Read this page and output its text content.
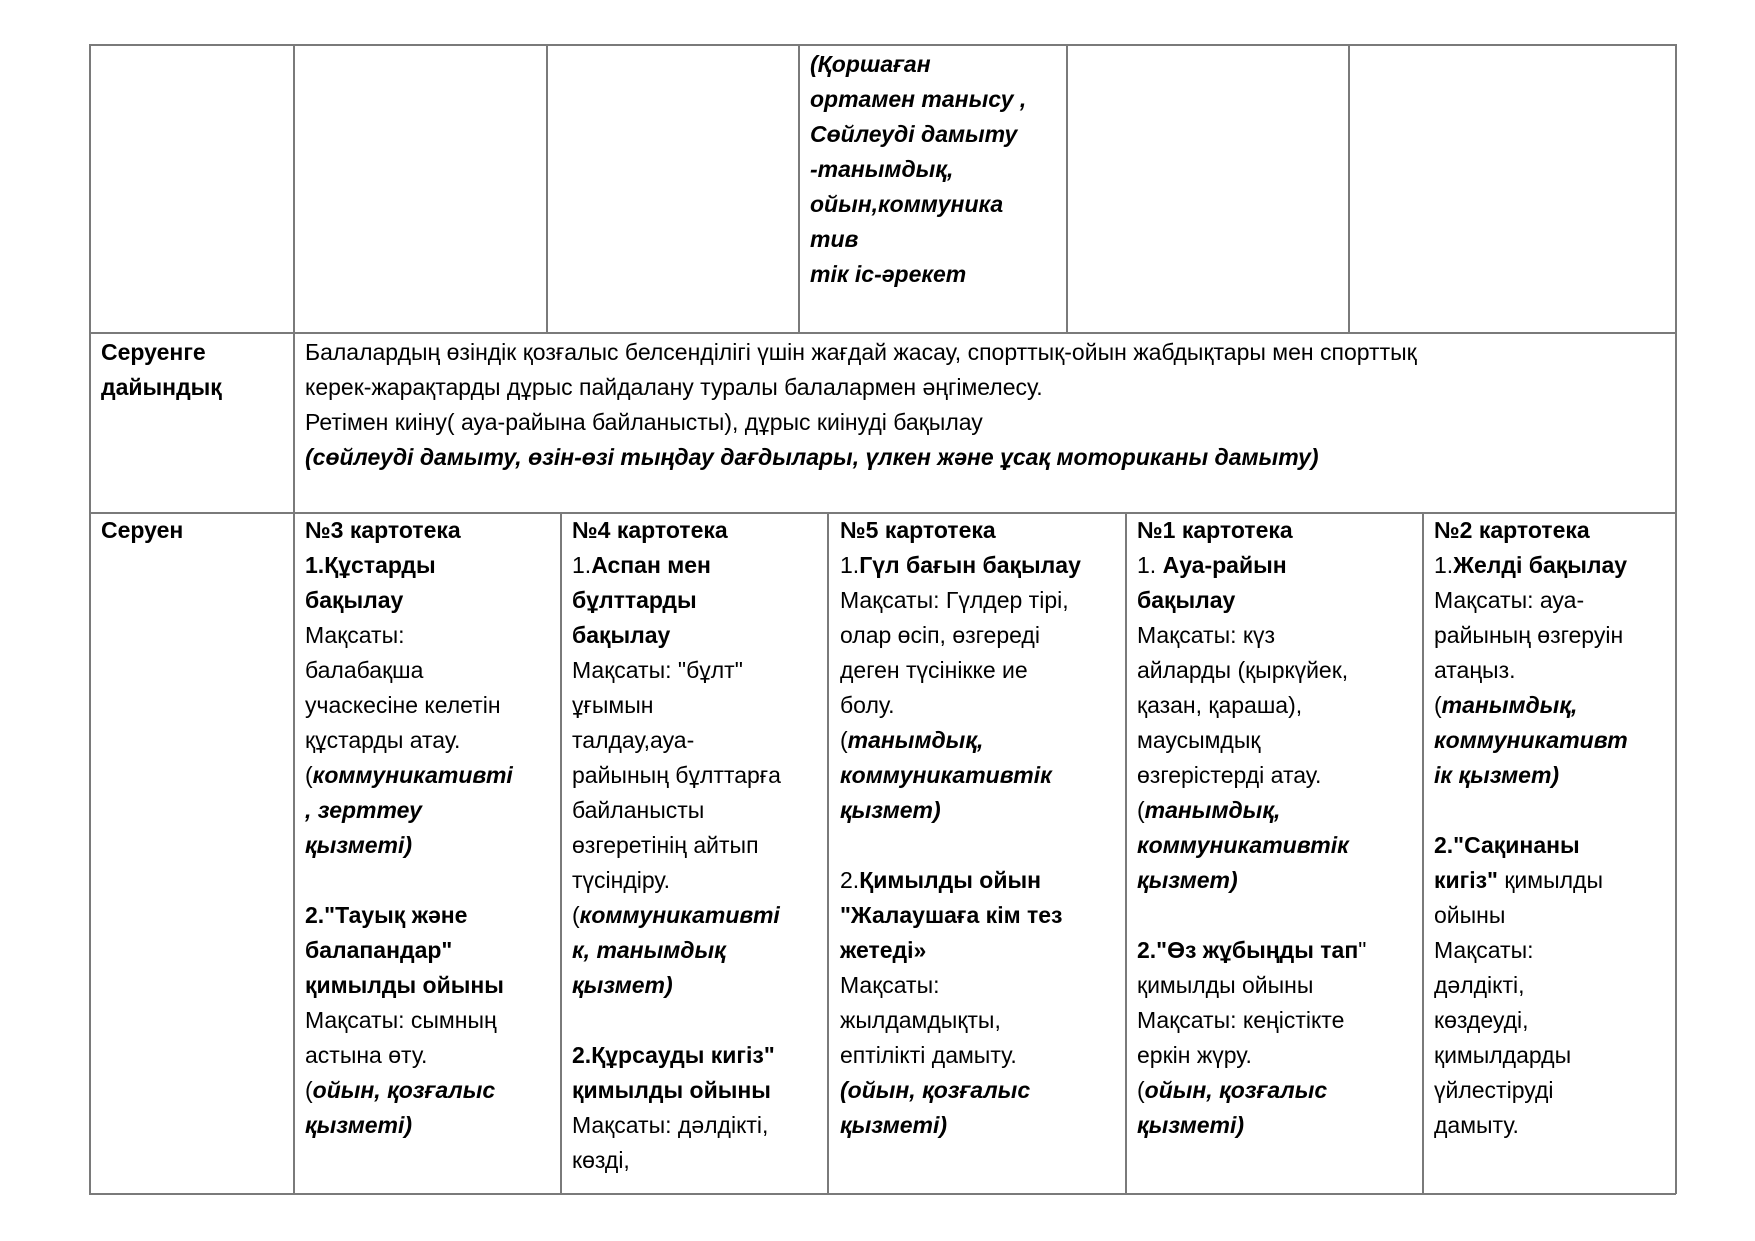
(Қоршаған
ортамен танысу ,
Сөйлеуді дамыту
-танымдық,
ойын,коммуника
тив
тік іс-әрекет
Серуенге
дайындық
Балалардың өзіндік қозғалыс белсенділігі үшін жағдай жасау, спорттық-ойын жабдықтары мен спорттық
керек-жарақтарды дұрыс пайдалану туралы балалармен әңгімелесу.
Ретімен киіну( ауа-райына байланысты), дұрыс киінуді бақылау
(сөйлеуді дамыту, өзін-өзі тыңдау дағдылары, үлкен және ұсақ моториканы дамыту)
Серуен	№3 картотека
1.Құстарды
бақылау
Мақсаты:
балабақша
учаскесіне келетін
құстарды атау.
(коммуникативті
, зерттеу
қызметі)
2."Тауық және
балапандар"
қимылды ойыны
Мақсаты: сымның
астына өту.
(ойын, қозғалыс
қызметі)
№4 картотека
1.Аспан мен
бұлттарды
бақылау
Мақсаты: "бұлт"
ұғымын
талдау,ауа-
райының бұлттарға
байланысты
өзгеретінің айтып
түсіндіру.
(коммуникативті
к, танымдық
қызмет)
2.Құрсауды кигіз"
қимылды ойыны
Мақсаты: дәлдікті,
көзді,
№5 картотека
1.Гүл бағын бақылау
Мақсаты: Гүлдер тірі,
олар өсіп, өзгереді
деген түсінікке ие
болу.
(танымдық,
коммуникативтік
қызмет)
2.Қимылды ойын
"Жалаушаға кім тез
жетеді»
Мақсаты:
жылдамдықты,
ептілікті дамыту.
(ойын, қозғалыс
қызметі)
№1 картотека
1. Ауа-райын
бақылау
Мақсаты: күз
айларды (қыркүйек,
қазан, қараша),
маусымдық
өзгерістерді атау.
(танымдық,
коммуникативтік
қызмет)
2."Өз жұбыңды тап"
қимылды ойыны
Мақсаты: кеңістікте
еркін жүру.
(ойын, қозғалыс
қызметі)
№2 картотека
1.Желді бақылау
Мақсаты: ауа-
райының өзгеруін
атаңыз.
(танымдық,
коммуникативт
ік қызмет)
2."Сақинаны
кигіз" қимылды
ойыны
Мақсаты:
дәлдікті,
көздеуді,
қимылдарды
үйлестіруді
дамыту.
